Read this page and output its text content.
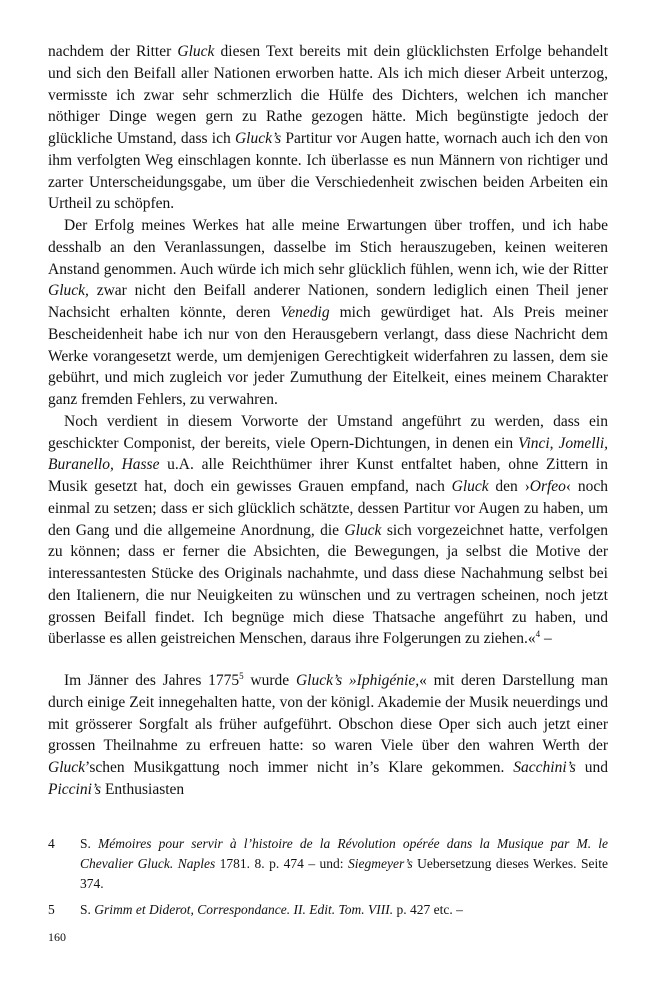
nachdem der Ritter Gluck diesen Text bereits mit dein glücklichsten Erfolge behandelt und sich den Beifall aller Nationen erworben hatte. Als ich mich dieser Arbeit unterzog, vermisste ich zwar sehr schmerzlich die Hülfe des Dichters, welchen ich mancher nöthiger Dinge wegen gern zu Rathe gezogen hätte. Mich begünstigte jedoch der glückliche Umstand, dass ich Gluck’s Partitur vor Augen hatte, wornach auch ich den von ihm verfolgten Weg einschlagen konnte. Ich überlasse es nun Männern von richtiger und zarter Unterscheidungsgabe, um über die Verschiedenheit zwischen beiden Arbeiten ein Urtheil zu schöpfen.

Der Erfolg meines Werkes hat alle meine Erwartungen über troffen, und ich habe desshalb an den Veranlassungen, dasselbe im Stich herauszugeben, keinen weiteren Anstand genommen. Auch würde ich mich sehr glücklich fühlen, wenn ich, wie der Ritter Gluck, zwar nicht den Beifall anderer Nationen, sondern lediglich einen Theil jener Nachsicht erhalten könnte, deren Venedig mich gewürdiget hat. Als Preis meiner Bescheidenheit habe ich nur von den Herausgebern verlangt, dass diese Nachricht dem Werke vorangesetzt werde, um demjenigen Gerechtigkeit widerfahren zu lassen, dem sie gebührt, und mich zugleich vor jeder Zumuthung der Eitelkeit, eines meinem Charakter ganz fremden Fehlers, zu verwahren.

Noch verdient in diesem Vorworte der Umstand angeführt zu werden, dass ein geschickter Componist, der bereits, viele Opern-Dichtungen, in denen ein Vinci, Jomelli, Buranello, Hasse u.A. alle Reichthümer ihrer Kunst entfaltet haben, ohne Zittern in Musik gesetzt hat, doch ein gewisses Grauen empfand, nach Gluck den ›Orfeo‹ noch einmal zu setzen; dass er sich glücklich schätzte, dessen Partitur vor Augen zu haben, um den Gang und die allgemeine Anordnung, die Gluck sich vorgezeichnet hatte, verfolgen zu können; dass er ferner die Absichten, die Bewegungen, ja selbst die Motive der interessantesten Stücke des Originals nachahmte, und dass diese Nachahmung selbst bei den Italienern, die nur Neuigkeiten zu wünschen und zu vertragen scheinen, noch jetzt grossen Beifall findet. Ich begnüge mich diese Thatsache angeführt zu haben, und überlasse es allen geistreichen Menschen, daraus ihre Folgerungen zu ziehen.«$^4$ –

Im Jänner des Jahres 1775$^5$ wurde Gluck’s »Iphigénie,« mit deren Darstellung man durch einige Zeit innegehalten hatte, von der königl. Akademie der Musik neuerdings und mit grösserer Sorgfalt als früher aufgeführt. Obschon diese Oper sich auch jetzt einer grossen Theilnahme zu erfreuen hatte: so waren Viele über den wahren Werth der Gluck’schen Musikgattung noch immer nicht in’s Klare gekommen. Sacchini’s und Piccini’s Enthusiasten

4	S. Mémoires pour servir à l’histoire de la Révolution opérée dans la Musique par M. le Chevalier Gluck. Naples 1781. 8. p. 474 – und: Siegmeyer’s Uebersetzung dieses Werkes. Seite 374.
5	S. Grimm et Diderot, Correspondance. II. Edit. Tom. VIII. p. 427 etc. –
160
